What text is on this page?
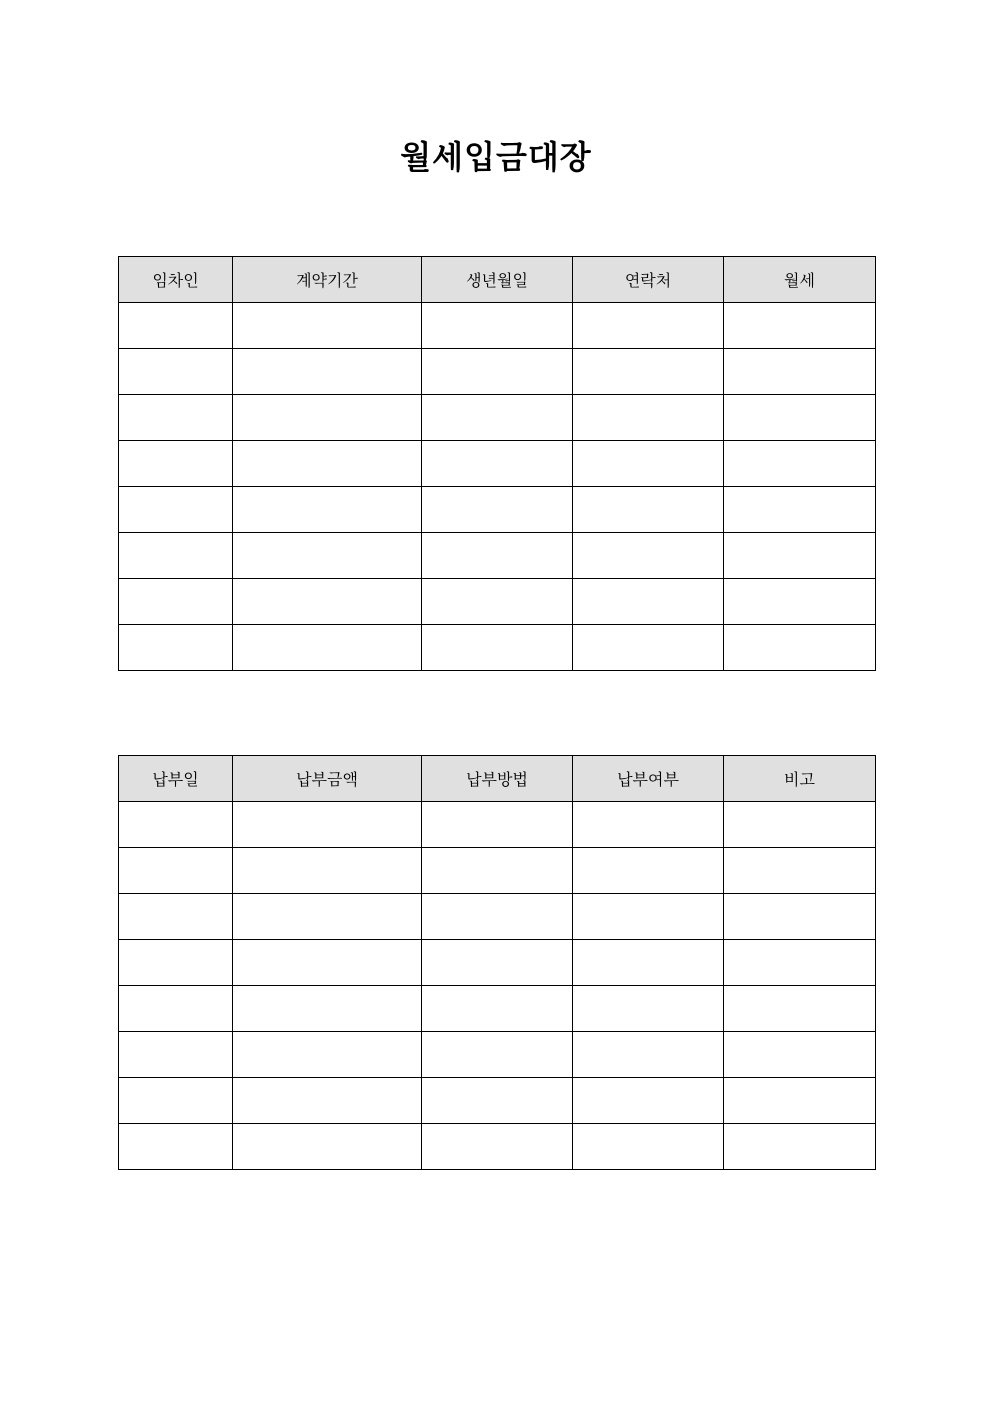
월세입금대장
임차인	계약기간	생년월일	연락처	월세

납부일	납부금액	납부방법	납부여부	비고
